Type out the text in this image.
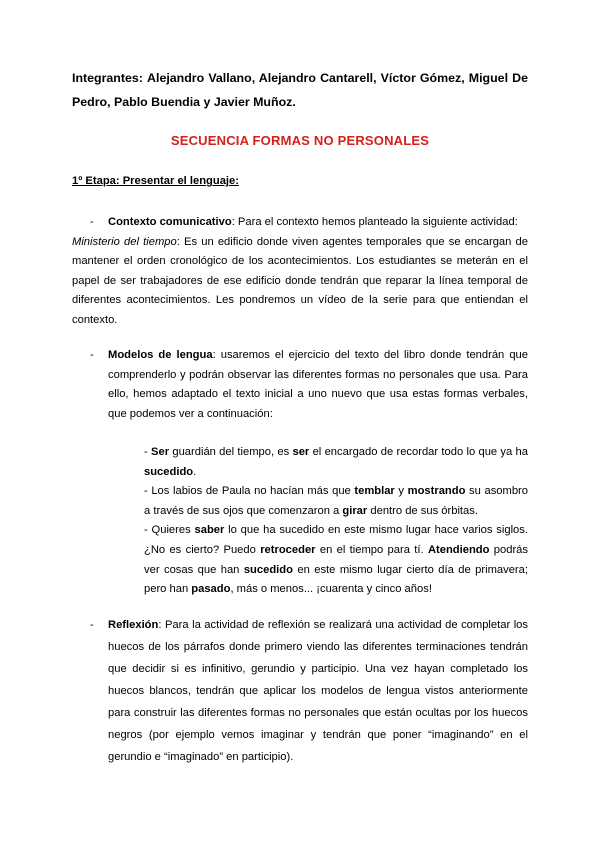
Integrantes: Alejandro Vallano, Alejandro Cantarell, Víctor Gómez, Miguel De Pedro, Pablo Buendia y Javier Muñoz.

SECUENCIA FORMAS NO PERSONALES

1º Etapa: Presentar el lenguaje:

-	Contexto comunicativo: Para el contexto hemos planteado la siguiente actividad:
Ministerio del tiempo: Es un edificio donde viven agentes temporales que se encargan de mantener el orden cronológico de los acontecimientos. Los estudiantes se meterán en el papel de ser trabajadores de ese edificio donde tendrán que reparar la línea temporal de diferentes acontecimientos. Les pondremos un vídeo de la serie para que entiendan el contexto.

-	Modelos de lengua: usaremos el ejercicio del texto del libro donde tendrán que comprenderlo y podrán observar las diferentes formas no personales que usa. Para ello, hemos adaptado el texto inicial a uno nuevo que usa estas formas verbales, que podemos ver a continuación:

- Ser guardián del tiempo, es ser el encargado de recordar todo lo que ya ha sucedido.

- Los labios de Paula no hacían más que temblar y mostrando su asombro a través de sus ojos que comenzaron a girar dentro de sus órbitas.

- Quieres saber lo que ha sucedido en este mismo lugar hace varios siglos. ¿No es cierto? Puedo retroceder en el tiempo para tí. Atendiendo podrás ver cosas que han sucedido en este mismo lugar cierto día de primavera; pero han pasado, más o menos... ¡cuarenta y cinco años!

-	Reflexión: Para la actividad de reflexión se realizará una actividad de completar los huecos de los párrafos donde primero viendo las diferentes terminaciones tendrán que decidir si es infinitivo, gerundio y participio. Una vez hayan completado los huecos blancos, tendrán que aplicar los modelos de lengua vistos anteriormente para construir las diferentes formas no personales que están ocultas por los huecos negros (por ejemplo vemos imaginar y tendrán que poner “imaginando” en el gerundio e “imaginado” en participio).
